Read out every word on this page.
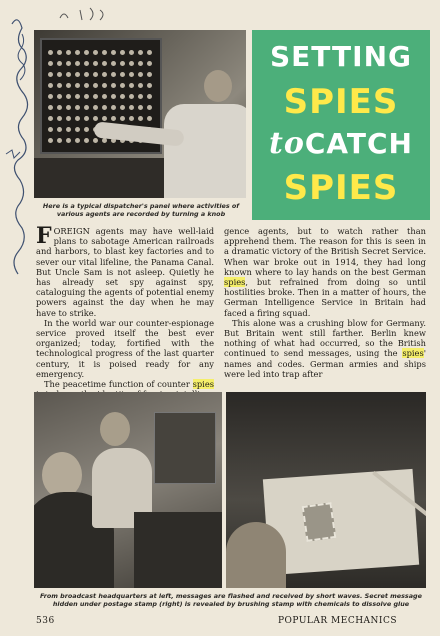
Here is a typical dispatcher's panel where activities of various agents are recorded by turning a knob
SETTING
SPIES
toCATCH
SPIES

FOREIGN agents may have well-laid plans to sabotage American railroads and harbors, to blast key factories and to sever our vital lifeline, the Panama Canal. But Uncle Sam is not asleep. Quietly he has already set spy against spy, cataloguing the agents of potential enemy powers against the day when he may have to strike.

In the world war our counter-espionage service proved itself the best ever organized; today, fortified with the technological progress of the last quarter century, it is poised ready for any emergency.

The peacetime function of counter spies

gence agents, but to watch rather than apprehend them. The reason for this is seen in a dramatic victory of the British Secret Service. When war broke out in 1914, they had long known where to lay hands on the best German spies, but refrained from doing so until hostilities broke. Then in a matter of hours, the German Intelligence Service in Britain had faced a firing squad.

This alone was a crushing blow for Germany. But Britain went still farther. Berlin knew nothing of what had occurred, so the British continued to send messages, using the spies' names and codes. German armies and ships were led into trap after

From broadcast headquarters at left, messages are flashed and received by short waves. Secret message hidden under postage stamp (right) is revealed by brushing stamp with chemicals to dissolve glue
536	POPULAR MECHANICS
